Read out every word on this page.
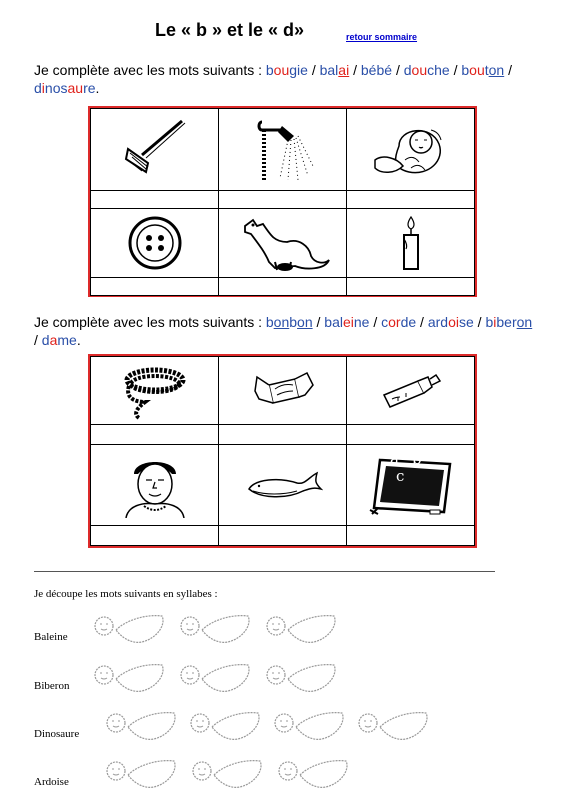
Le « b » et le « d»	retour sommaire
Je complète avec les mots suivants : bougie / balai / bébé / douche / bouton / dinosaure.

Je complète avec les mots suivants : bonbon / baleine / corde / ardoise / biberon / dame.

a b
c
Je découpe les mots suivants en syllabes :
Baleine
Biberon
Dinosaure
Ardoise
